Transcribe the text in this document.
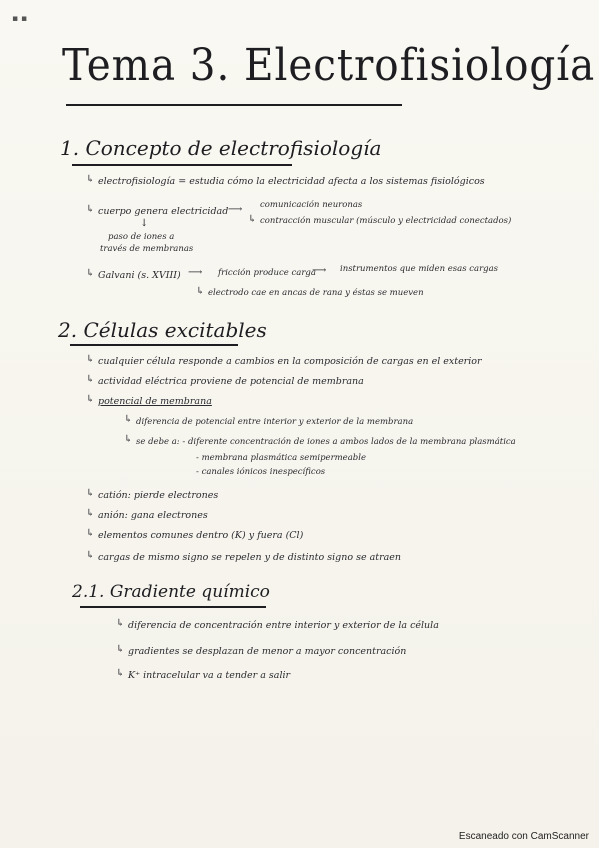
▪ ▪
Tema 3. Electrofisiología
1. Concepto de electrofisiología
↳ electrofisiología = estudia cómo la electricidad afecta a los sistemas fisiológicos
↳ cuerpo genera electricidad ⟶ comunicación neuronas
↳ contracción muscular (músculo y electricidad conectados)
↓
paso de iones a
través de membranas
↳ Galvani (s. XVIII) ⟶ fricción produce carga
⟶ instrumentos que miden esas cargas
↳ electrodo cae en ancas de rana y éstas se mueven
2. Células excitables
↳ cualquier célula responde a cambios en la composición de cargas en el exterior
↳ actividad eléctrica proviene de potencial de membrana
↳ potencial de membrana
↳ diferencia de potencial entre interior y exterior de la membrana
↳ se debe a: - diferente concentración de iones a ambos lados de la membrana plasmática
- membrana plasmática semipermeable
- canales iónicos inespecíficos
↳ catión: pierde electrones
↳ anión: gana electrones
↳ elementos comunes dentro (K) y fuera (Cl)
↳ cargas de mismo signo se repelen y de distinto signo se atraen
2.1. Gradiente químico
↳ diferencia de concentración entre interior y exterior de la célula
↳ gradientes se desplazan de menor a mayor concentración
↳ K⁺ intracelular va a tender a salir
Escaneado con CamScanner
